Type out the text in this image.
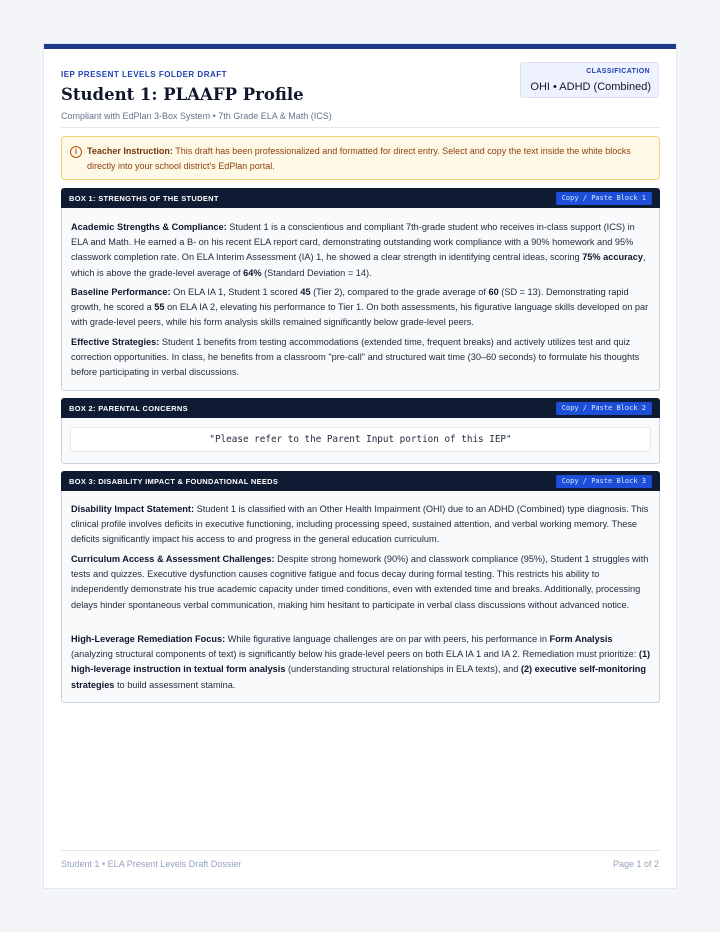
IEP PRESENT LEVELS FOLDER DRAFT
Student 1: PLAAFP Profile
Compliant with EdPlan 3-Box System • 7th Grade ELA & Math (ICS)
CLASSIFICATION
OHI • ADHD (Combined)
i	Teacher Instruction: This draft has been professionalized and formatted for direct entry. Select and copy the text inside the white blocks directly into your school district's EdPlan portal.
BOX 1: STRENGTHS OF THE STUDENT	Copy / Paste Block 1
Academic Strengths & Compliance: Student 1 is a conscientious and compliant 7th-grade student who receives in-class support (ICS) in ELA and Math. He earned a B- on his recent ELA report card, demonstrating outstanding work compliance with a 90% homework and 95% classwork completion rate. On ELA Interim Assessment (IA) 1, he showed a clear strength in identifying central ideas, scoring 75% accuracy, which is above the grade-level average of 64% (Standard Deviation = 14).
Baseline Performance: On ELA IA 1, Student 1 scored 45 (Tier 2), compared to the grade average of 60 (SD = 13). Demonstrating rapid growth, he scored a 55 on ELA IA 2, elevating his performance to Tier 1. On both assessments, his figurative language skills developed on par with grade-level peers, while his form analysis skills remained significantly below grade-level peers.
Effective Strategies: Student 1 benefits from testing accommodations (extended time, frequent breaks) and actively utilizes test and quiz correction opportunities. In class, he benefits from a classroom "pre-call" and structured wait time (30–60 seconds) to formulate his thoughts before participating in verbal discussions.
BOX 2: PARENTAL CONCERNS	Copy / Paste Block 2
"Please refer to the Parent Input portion of this IEP"
BOX 3: DISABILITY IMPACT & FOUNDATIONAL NEEDS	Copy / Paste Block 3
Disability Impact Statement: Student 1 is classified with an Other Health Impairment (OHI) due to an ADHD (Combined) type diagnosis. This clinical profile involves deficits in executive functioning, including processing speed, sustained attention, and verbal working memory. These deficits significantly impact his access to and progress in the general education curriculum.
Curriculum Access & Assessment Challenges: Despite strong homework (90%) and classwork compliance (95%), Student 1 struggles with tests and quizzes. Executive dysfunction causes cognitive fatigue and focus decay during formal testing. This restricts his ability to independently demonstrate his true academic capacity under timed conditions, even with extended time and breaks. Additionally, processing delays hinder spontaneous verbal communication, making him hesitant to participate in verbal class discussions without advanced notice.
High-Leverage Remediation Focus: While figurative language challenges are on par with peers, his performance in Form Analysis (analyzing structural components of text) is significantly below his grade-level peers on both ELA IA 1 and IA 2. Remediation must prioritize: (1) high-leverage instruction in textual form analysis (understanding structural relationships in ELA texts), and (2) executive self-monitoring strategies to build assessment stamina.
Student 1 • ELA Present Levels Draft Dossier	Page 1 of 2
